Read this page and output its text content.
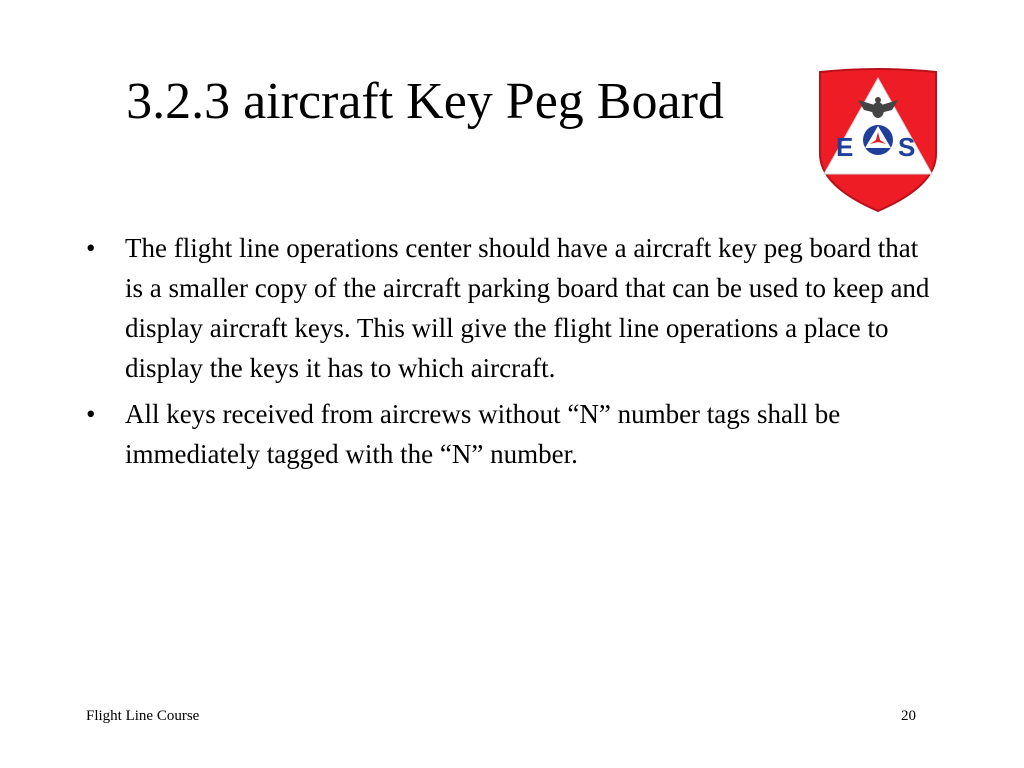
3.2.3 aircraft Key Peg Board
E S
•	The flight line operations center should have a aircraft key peg board that is a smaller copy of the aircraft parking board that can be used to keep and display aircraft keys. This will give the flight line operations a place to display the keys it has to which aircraft.
•	All keys received from aircrews without “N” number tags shall be immediately tagged with the “N” number.
Flight Line Course	20
